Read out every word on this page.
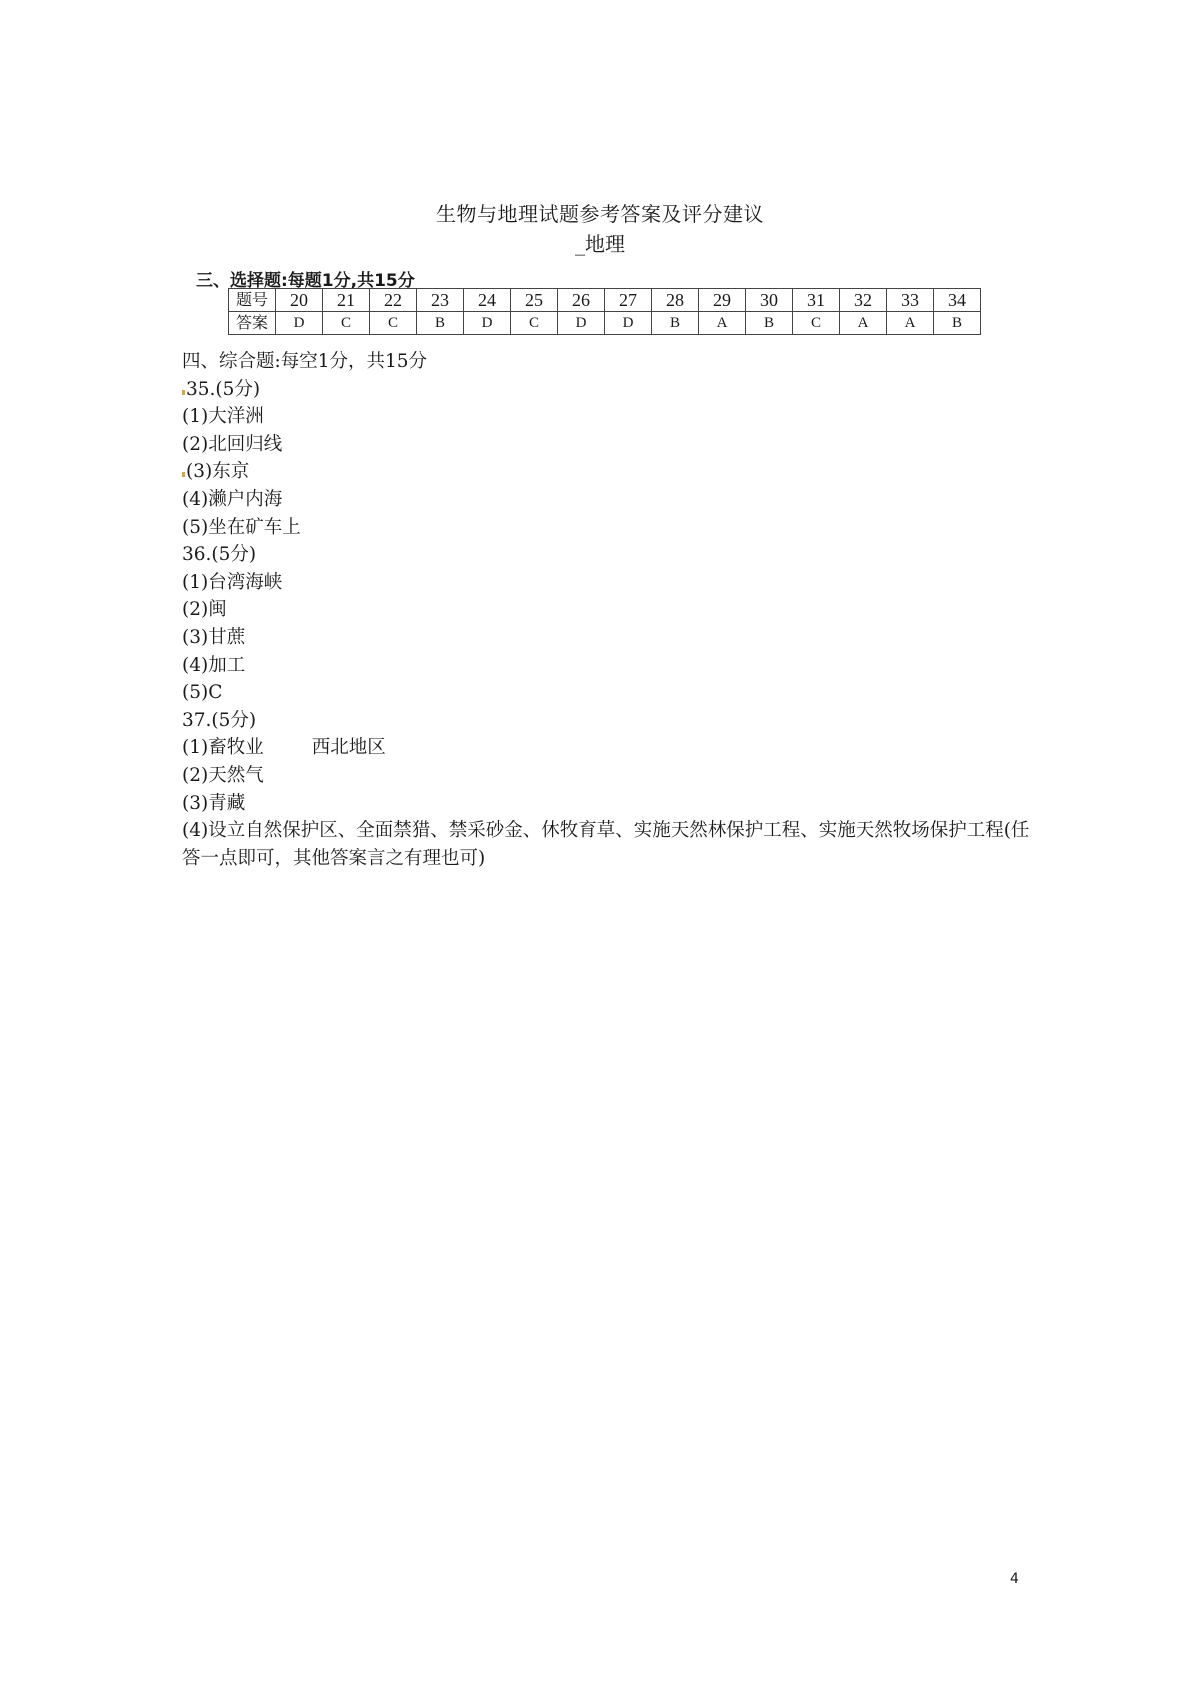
生物与地理试题参考答案及评分建议
_地理
三、选择题:每题1分,共15分
题号	20	21	22	23	24	25	26	27	28	29	30	31	32	33	34
答案	D	C	C	B	D	C	D	D	B	A	B	C	A	A	B
四、综合题:每空1分，共15分
35.(5分)
(1)大洋洲
(2)北回归线
(3)东京
(4)濑户内海
(5)坐在矿车上
36.(5分)
(1)台湾海峡
(2)闽
(3)甘蔗
(4)加工
(5)C
37.(5分)
(1)畜牧业	西北地区
(2)天然气
(3)青藏
(4)设立自然保护区、全面禁猎、禁采砂金、休牧育草、实施天然林保护工程、实施天然牧场保护工程(任答一点即可，其他答案言之有理也可)
4
